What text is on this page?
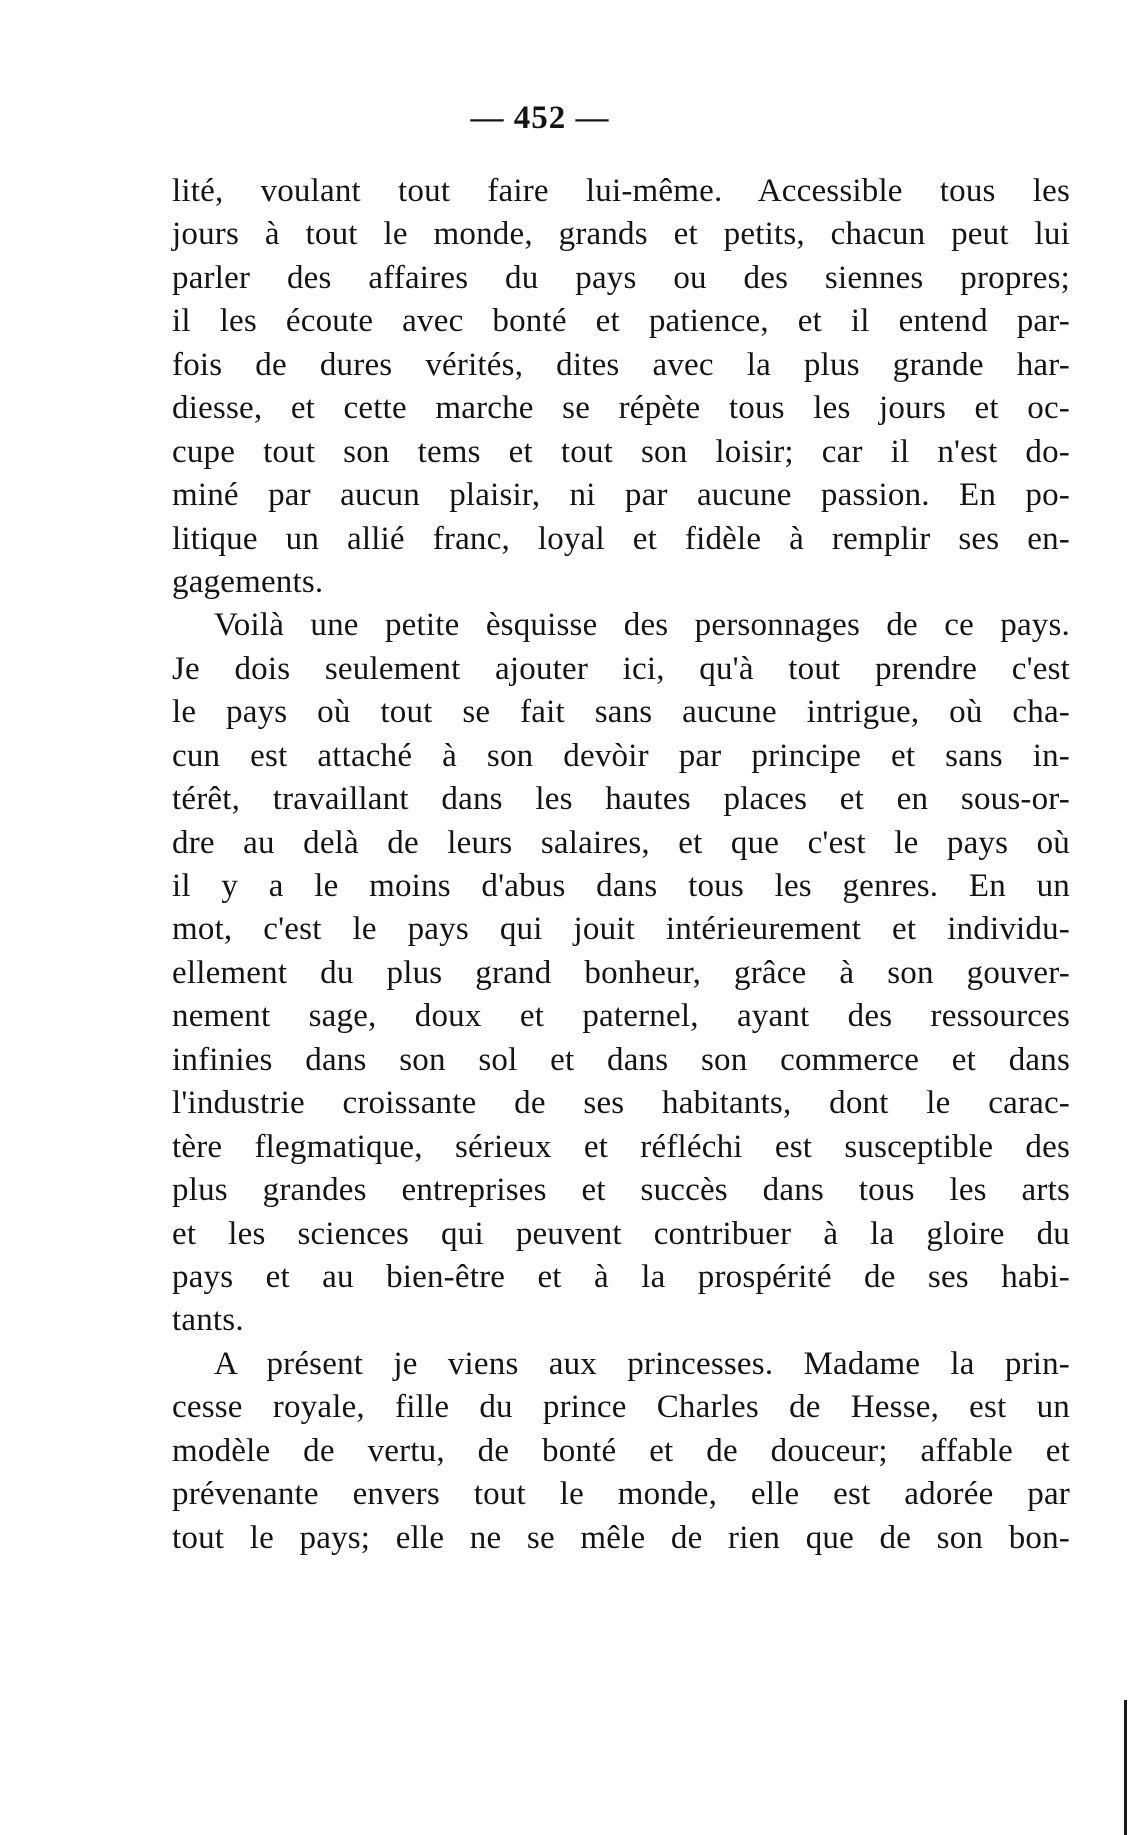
— 452 —
lité, voulant tout faire lui-même. Accessible tous les
jours à tout le monde, grands et petits, chacun peut lui
parler des affaires du pays ou des siennes propres;
il les écoute avec bonté et patience, et il entend par-
fois de dures vérités, dites avec la plus grande har-
diesse, et cette marche se répète tous les jours et oc-
cupe tout son tems et tout son loisir; car il n'est do-
miné par aucun plaisir, ni par aucune passion. En po-
litique un allié franc, loyal et fidèle à remplir ses en-
gagements.
Voilà une petite èsquisse des personnages de ce pays.
Je dois seulement ajouter ici, qu'à tout prendre c'est
le pays où tout se fait sans aucune intrigue, où cha-
cun est attaché à son devòir par principe et sans in-
térêt, travaillant dans les hautes places et en sous-or-
dre au delà de leurs salaires, et que c'est le pays où
il y a le moins d'abus dans tous les genres. En un
mot, c'est le pays qui jouit intérieurement et individu-
ellement du plus grand bonheur, grâce à son gouver-
nement sage, doux et paternel, ayant des ressources
infinies dans son sol et dans son commerce et dans
l'industrie croissante de ses habitants, dont le carac-
tère flegmatique, sérieux et réfléchi est susceptible des
plus grandes entreprises et succès dans tous les arts
et les sciences qui peuvent contribuer à la gloire du
pays et au bien-être et à la prospérité de ses habi-
tants.
A présent je viens aux princesses. Madame la prin-
cesse royale, fille du prince Charles de Hesse, est un
modèle de vertu, de bonté et de douceur; affable et
prévenante envers tout le monde, elle est adorée par
tout le pays; elle ne se mêle de rien que de son bon-
